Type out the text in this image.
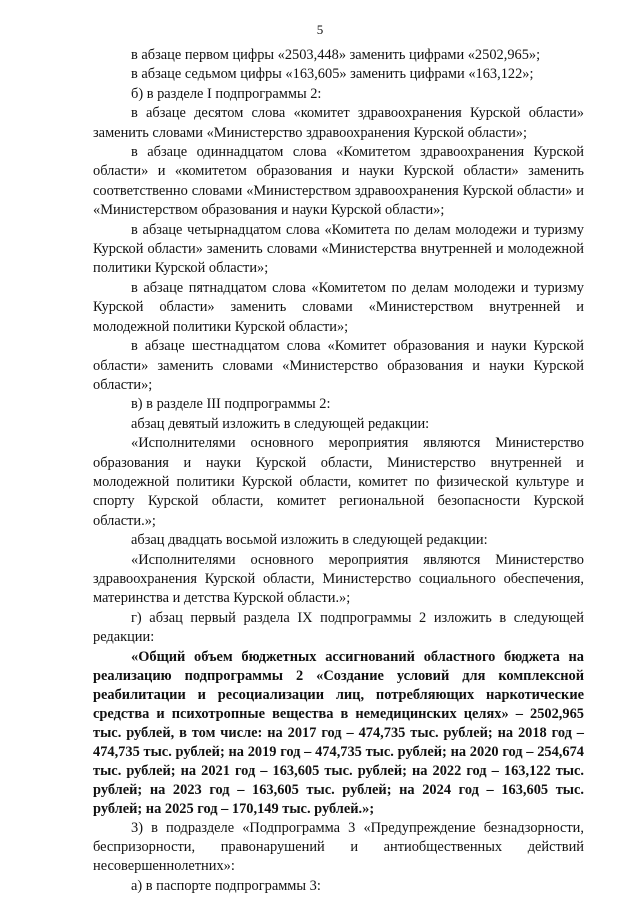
5

в абзаце первом цифры «2503,448» заменить цифрами «2502,965»;

в абзаце седьмом цифры «163,605» заменить цифрами «163,122»;

б) в разделе I подпрограммы 2:

в абзаце десятом слова «комитет здравоохранения Курской области» заменить словами «Министерство здравоохранения Курской области»;

в абзаце одиннадцатом слова «Комитетом здравоохранения Курской области» и «комитетом образования и науки Курской области» заменить соответственно словами «Министерством здравоохранения Курской области» и «Министерством образования и науки Курской области»;

в абзаце четырнадцатом слова «Комитета по делам молодежи и туризму Курской области» заменить словами «Министерства внутренней и молодежной политики Курской области»;

в абзаце пятнадцатом слова «Комитетом по делам молодежи и туризму Курской области» заменить словами «Министерством внутренней и молодежной политики Курской области»;

в абзаце шестнадцатом слова «Комитет образования и науки Курской области» заменить словами «Министерство образования и науки Курской области»;

в) в разделе III подпрограммы 2:

абзац девятый изложить в следующей редакции:

«Исполнителями основного мероприятия являются Министерство образования и науки Курской области, Министерство внутренней и молодежной политики Курской области, комитет по физической культуре и спорту Курской области, комитет региональной безопасности Курской области.»;

абзац двадцать восьмой изложить в следующей редакции:

«Исполнителями основного мероприятия являются Министерство здравоохранения Курской области, Министерство социального обеспечения, материнства и детства Курской области.»;

г) абзац первый раздела IX подпрограммы 2 изложить в следующей редакции:

«Общий объем бюджетных ассигнований областного бюджета на реализацию подпрограммы 2 «Создание условий для комплексной реабилитации и ресоциализации лиц, потребляющих наркотические средства и психотропные вещества в немедицинских целях» – 2502,965 тыс. рублей, в том числе: на 2017 год – 474,735 тыс. рублей; на 2018 год – 474,735 тыс. рублей; на 2019 год – 474,735 тыс. рублей; на 2020 год – 254,674 тыс. рублей; на 2021 год – 163,605 тыс. рублей; на 2022 год – 163,122 тыс. рублей; на 2023 год – 163,605 тыс. рублей; на 2024 год – 163,605 тыс. рублей; на 2025 год – 170,149 тыс. рублей.»;

3) в подразделе «Подпрограмма 3 «Предупреждение безнадзорности, беспризорности, правонарушений и антиобщественных действий несовершеннолетних»:

а) в паспорте подпрограммы 3:
